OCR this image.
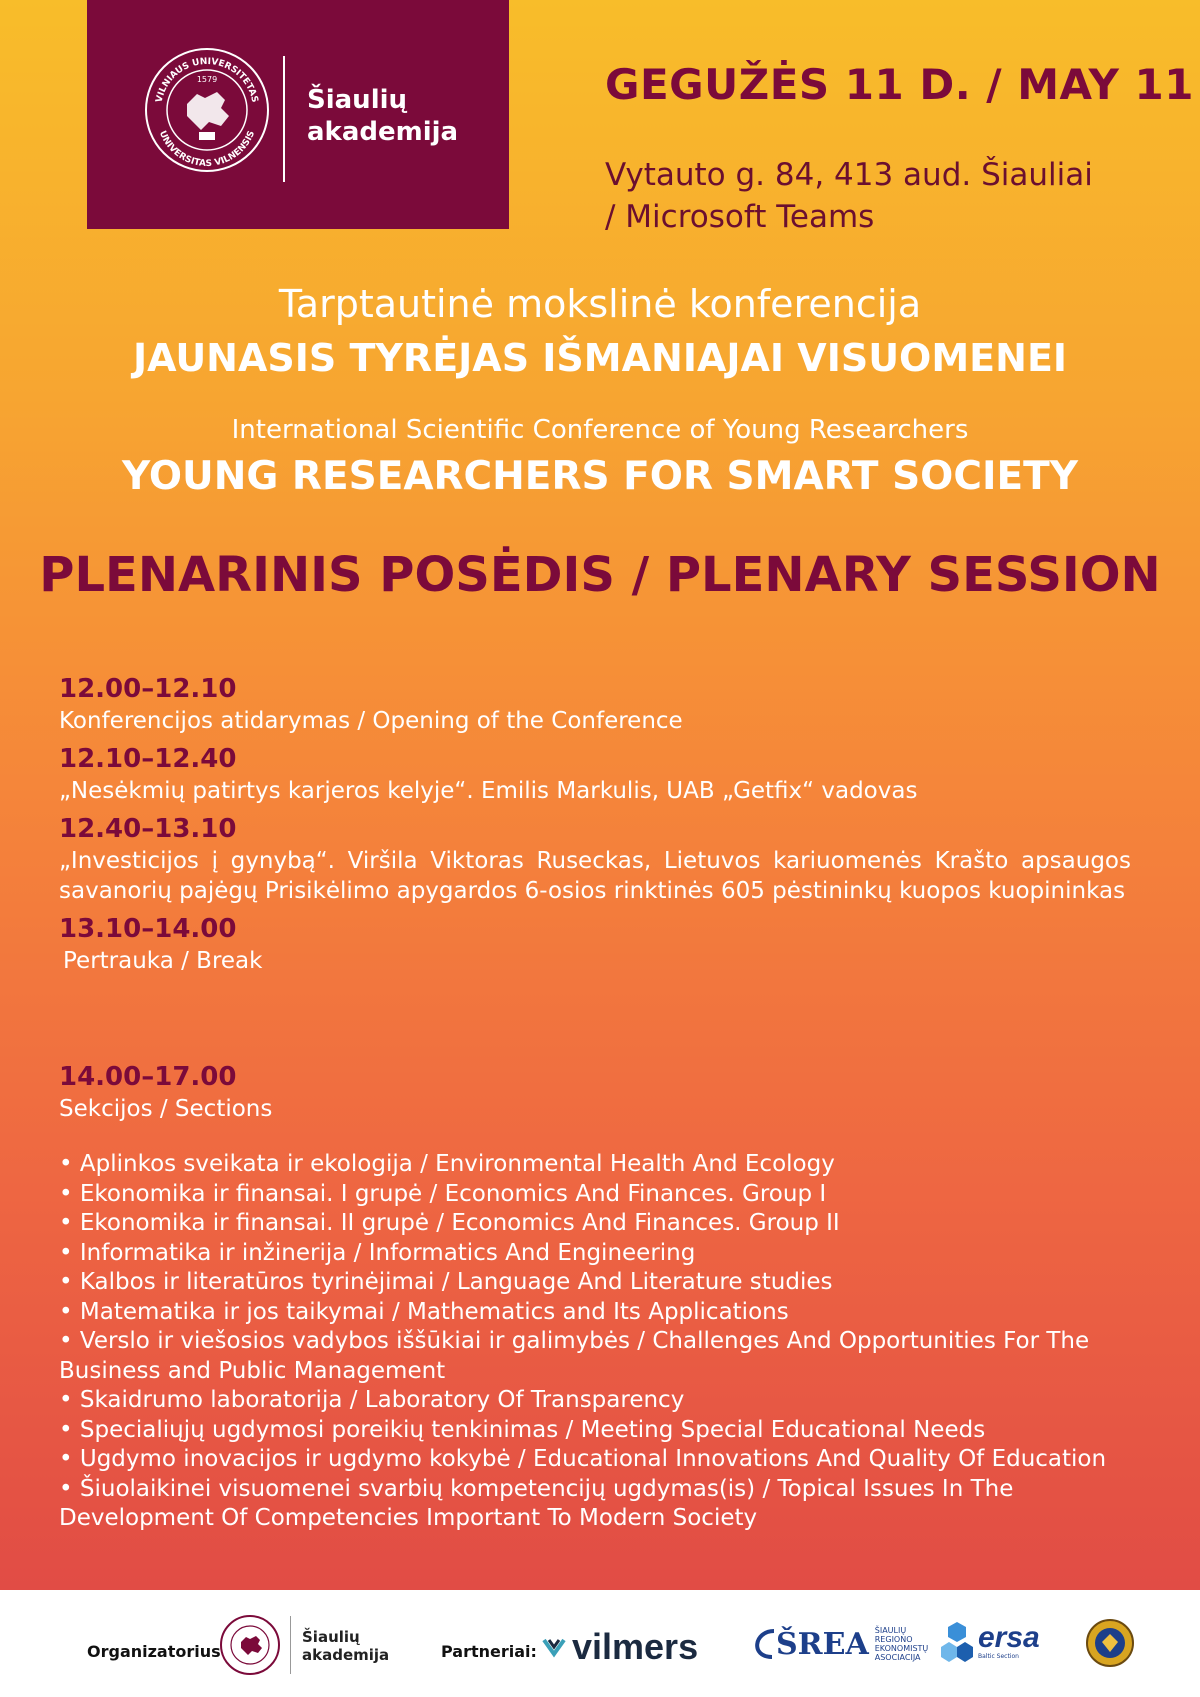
VILNIAUS UNIVERSITETAS
UNIVERSITAS VILNENSIS
1579
Šiaulių
akademija
GEGUŽĖS 11 D. / MAY 11
Vytauto g. 84, 413 aud. Šiauliai
/ Microsoft Teams
Tarptautinė mokslinė konferencija
JAUNASIS TYRĖJAS IŠMANIAJAI VISUOMENEI
International Scientific Conference of Young Researchers
YOUNG RESEARCHERS FOR SMART SOCIETY
PLENARINIS POSĖDIS / PLENARY SESSION
12.00–12.10
Konferencijos atidarymas / Opening of the Conference
12.10–12.40
„Nesėkmių patirtys karjeros kelyje“. Emilis Markulis, UAB „Getfix“ vadovas
12.40–13.10
„Investicijos į gynybą“. Viršila Viktoras Ruseckas, Lietuvos kariuomenės Krašto apsaugos savanorių pajėgų Prisikėlimo apygardos 6-osios rinktinės 605 pėstininkų kuopos kuopininkas
13.10–14.00
Pertrauka / Break
14.00–17.00
Sekcijos / Sections
• Aplinkos sveikata ir ekologija / Environmental Health And Ecology
• Ekonomika ir finansai. I grupė / Economics And Finances. Group I
• Ekonomika ir finansai. II grupė / Economics And Finances. Group II
• Informatika ir inžinerija / Informatics And Engineering
• Kalbos ir literatūros tyrinėjimai / Language And Literature studies
• Matematika ir jos taikymai / Mathematics and Its Applications
• Verslo ir viešosios vadybos iššūkiai ir galimybės / Challenges And Opportunities For The Business and Public Management
• Skaidrumo laboratorija / Laboratory Of Transparency
• Specialiųjų ugdymosi poreikių tenkinimas / Meeting Special Educational Needs
• Ugdymo inovacijos ir ugdymo kokybė / Educational Innovations And Quality Of Education
• Šiuolaikinei visuomenei svarbių kompetencijų ugdymas(is) / Topical Issues In The Development Of Competencies Important To Modern Society
Organizatorius
Šiaulių
akademija	Partneriai: vilmers	ŠREA ŠIAULIŲ
REGIONO
EKONOMISTŲ
ASOCIACIJA
ersa
Baltic Section
